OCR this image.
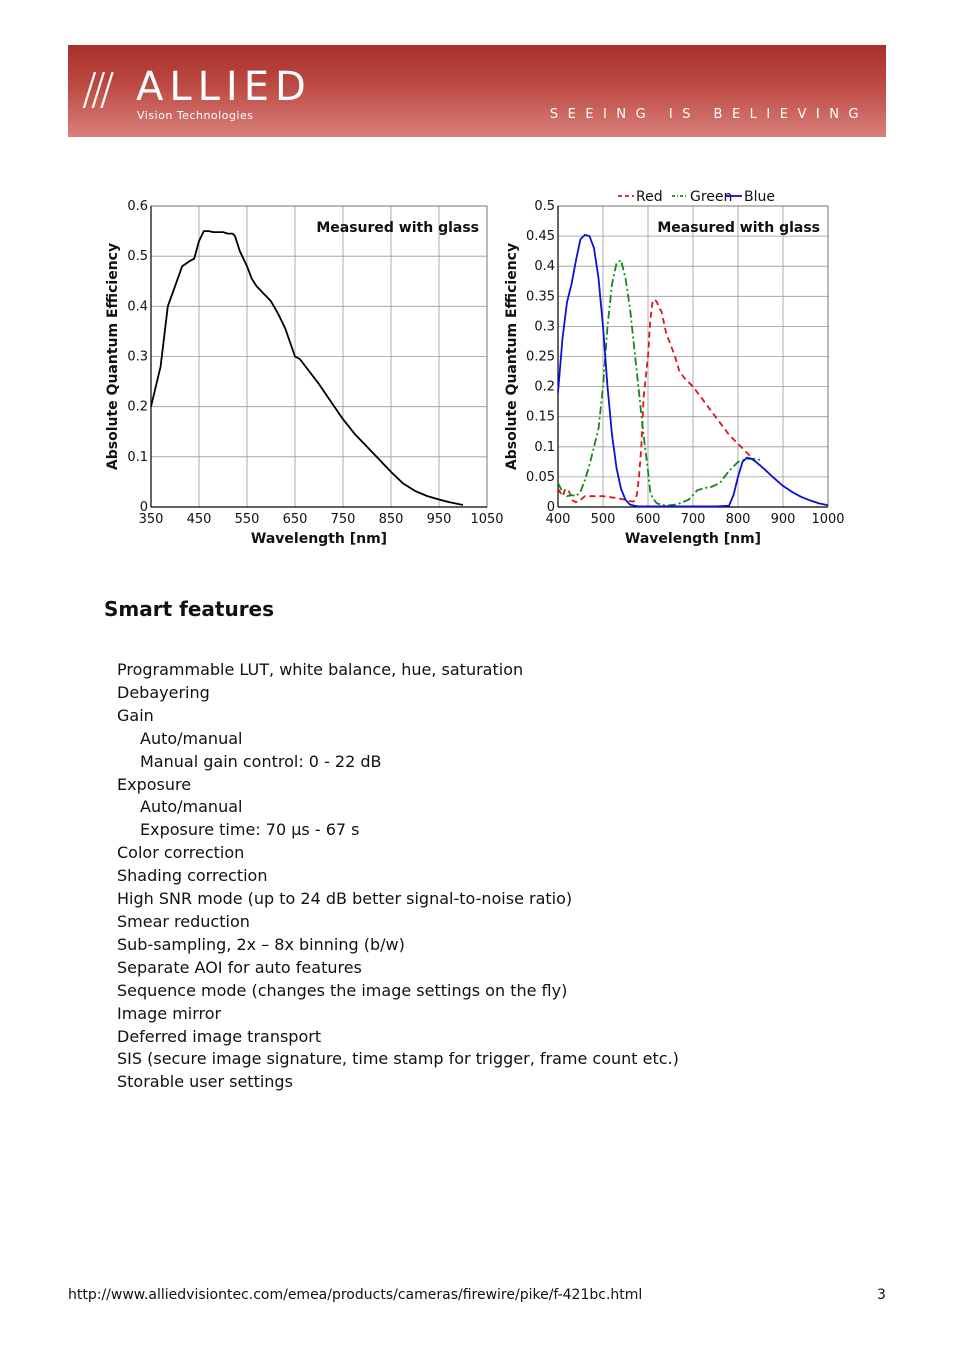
/// ALLIED
Vision Technologies	SEEING IS BELIEVING
350 450 550 650 750 850 950 1050
0
0.1
0.2
0.3
0.4
0.5
0.6
Wavelength [nm]
Absolute Quantum Efficiency
Measured with glass
400 500 600 700 800 900 1000
0
0.05
0.1
0.15
0.2
0.25
0.3
0.35
0.4
0.45
0.5
Wavelength [nm]
Absolute Quantum Efficiency
Measured with glass
Red Green Blue
Smart features
Programmable LUT, white balance, hue, saturation
Debayering
Gain
Auto/manual
Manual gain control: 0 - 22 dB
Exposure
Auto/manual
Exposure time: 70 µs - 67 s
Color correction
Shading correction
High SNR mode (up to 24 dB better signal-to-noise ratio)
Smear reduction
Sub-sampling, 2x – 8x binning (b/w)
Separate AOI for auto features
Sequence mode (changes the image settings on the fly)
Image mirror
Deferred image transport
SIS (secure image signature, time stamp for trigger, frame count etc.)
Storable user settings
http://www.alliedvisiontec.com/emea/products/cameras/firewire/pike/f-421bc.html	3
